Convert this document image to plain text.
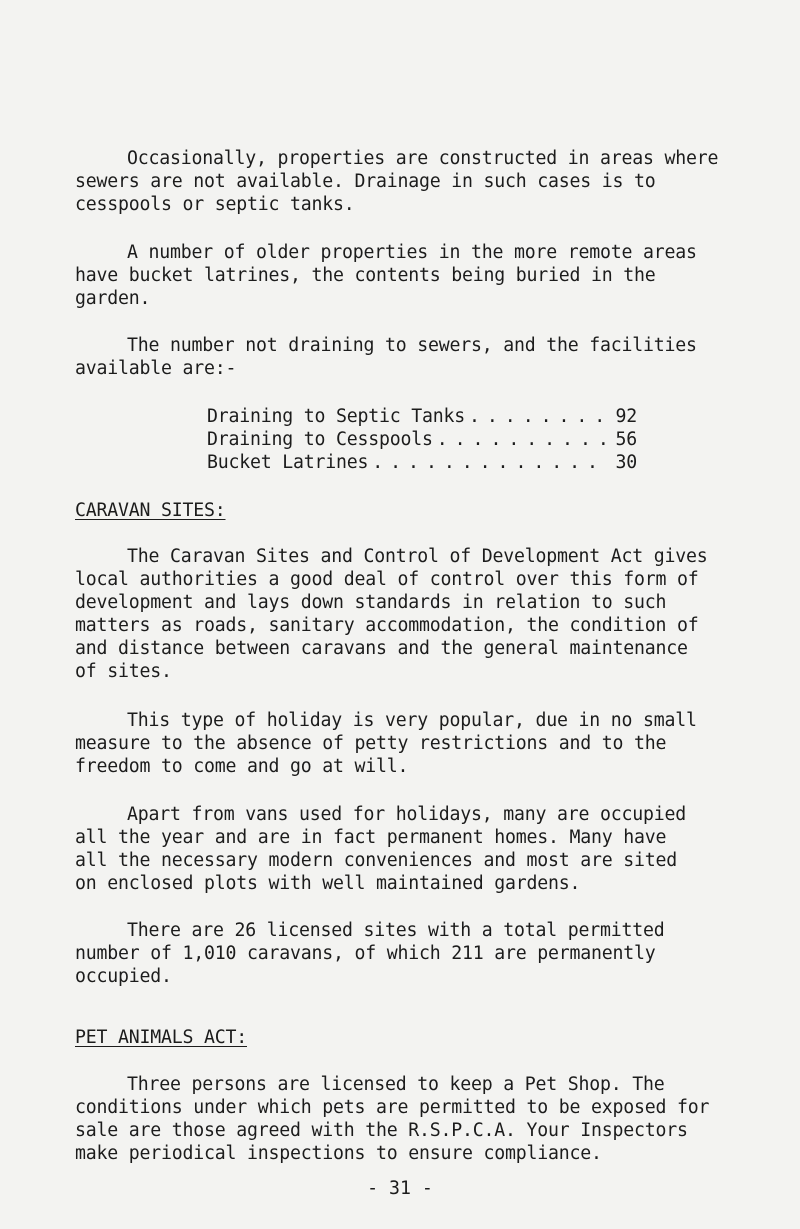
Occasionally, properties are constructed in areas where
sewers are not available. Drainage in such cases is to
cesspools or septic tanks.

A number of older properties in the more remote areas
have bucket latrines, the contents being buried in the
garden.

The number not draining to sewers, and the facilities
available are:-

Draining to Septic Tanks . . .	92
Draining to Cesspools . . .	56
Bucket Latrines . . .	30
CARAVAN SITES:

The Caravan Sites and Control of Development Act gives
local authorities a good deal of control over this form of
development and lays down standards in relation to such
matters as roads, sanitary accommodation, the condition of
and distance between caravans and the general maintenance
of sites.

This type of holiday is very popular, due in no small
measure to the absence of petty restrictions and to the
freedom to come and go at will.

Apart from vans used for holidays, many are occupied
all the year and are in fact permanent homes. Many have
all the necessary modern conveniences and most are sited
on enclosed plots with well maintained gardens.

There are 26 licensed sites with a total permitted
number of 1,010 caravans, of which 211 are permanently
occupied.

PET ANIMALS ACT:

Three persons are licensed to keep a Pet Shop. The
conditions under which pets are permitted to be exposed for
sale are those agreed with the R.S.P.C.A. Your Inspectors
make periodical inspections to ensure compliance.

- 31 -
